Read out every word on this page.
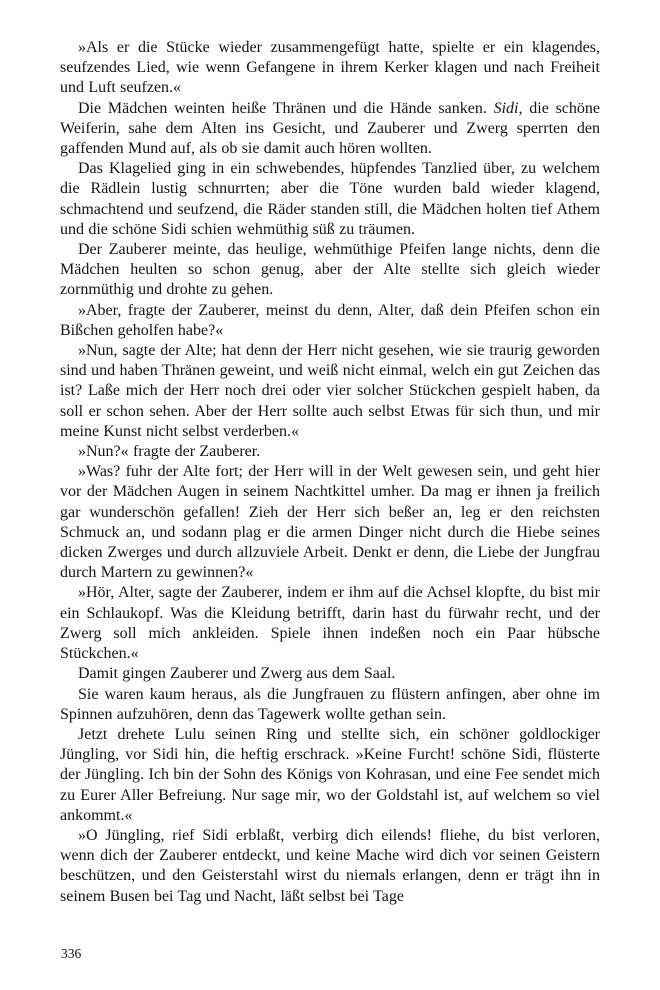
»Als er die Stücke wieder zusammengefügt hatte, spielte er ein klagendes, seufzendes Lied, wie wenn Gefangene in ihrem Kerker klagen und nach Freiheit und Luft seufzen.«

Die Mädchen weinten heiße Thränen und die Hände sanken. Sidi, die schöne Weiferin, sahe dem Alten ins Gesicht, und Zauberer und Zwerg sperrten den gaffenden Mund auf, als ob sie damit auch hören wollten.

Das Klagelied ging in ein schwebendes, hüpfendes Tanzlied über, zu welchem die Rädlein lustig schnurrten; aber die Töne wurden bald wieder klagend, schmachtend und seufzend, die Räder standen still, die Mädchen holten tief Athem und die schöne Sidi schien wehmüthig süß zu träumen.

Der Zauberer meinte, das heulige, wehmüthige Pfeifen lange nichts, denn die Mädchen heulten so schon genug, aber der Alte stellte sich gleich wieder zornmüthig und drohte zu gehen.

»Aber, fragte der Zauberer, meinst du denn, Alter, daß dein Pfeifen schon ein Bißchen geholfen habe?«

»Nun, sagte der Alte; hat denn der Herr nicht gesehen, wie sie traurig geworden sind und haben Thränen geweint, und weiß nicht einmal, welch ein gut Zeichen das ist? Laße mich der Herr noch drei oder vier solcher Stückchen gespielt haben, da soll er schon sehen. Aber der Herr sollte auch selbst Etwas für sich thun, und mir meine Kunst nicht selbst verderben.«

»Nun?« fragte der Zauberer.

»Was? fuhr der Alte fort; der Herr will in der Welt gewesen sein, und geht hier vor der Mädchen Augen in seinem Nachtkittel umher. Da mag er ihnen ja freilich gar wunderschön gefallen! Zieh der Herr sich beßer an, leg er den reichsten Schmuck an, und sodann plag er die armen Dinger nicht durch die Hiebe seines dicken Zwerges und durch allzuviele Arbeit. Denkt er denn, die Liebe der Jungfrau durch Martern zu gewinnen?«

»Hör, Alter, sagte der Zauberer, indem er ihm auf die Achsel klopfte, du bist mir ein Schlaukopf. Was die Kleidung betrifft, darin hast du fürwahr recht, und der Zwerg soll mich ankleiden. Spiele ihnen indeßen noch ein Paar hübsche Stückchen.«

Damit gingen Zauberer und Zwerg aus dem Saal.

Sie waren kaum heraus, als die Jungfrauen zu flüstern anfingen, aber ohne im Spinnen aufzuhören, denn das Tagewerk wollte gethan sein.

Jetzt drehete Lulu seinen Ring und stellte sich, ein schöner goldlockiger Jüngling, vor Sidi hin, die heftig erschrack. »Keine Furcht! schöne Sidi, flüsterte der Jüngling. Ich bin der Sohn des Königs von Kohrasan, und eine Fee sendet mich zu Eurer Aller Befreiung. Nur sage mir, wo der Goldstahl ist, auf welchem so viel ankommt.«

»O Jüngling, rief Sidi erblaßt, verbirg dich eilends! fliehe, du bist verloren, wenn dich der Zauberer entdeckt, und keine Mache wird dich vor seinen Geistern beschützen, und den Geisterstahl wirst du niemals erlangen, denn er trägt ihn in seinem Busen bei Tag und Nacht, läßt selbst bei Tage

336
